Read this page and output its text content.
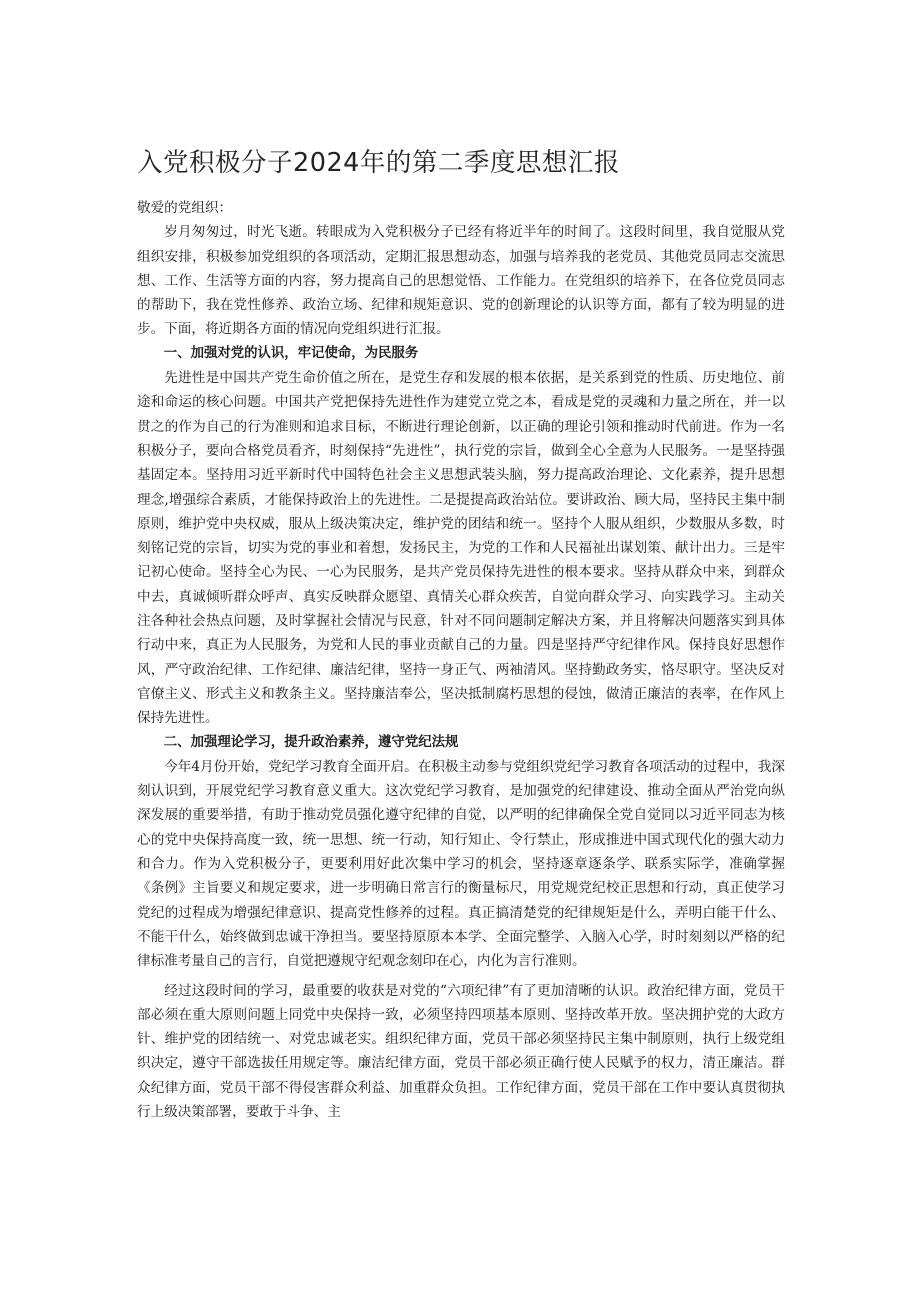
入党积极分子2024年的第二季度思想汇报

敬爱的党组织：

岁月匆匆过，时光飞逝。转眼成为入党积极分子已经有将近半年的时间了。这段时间里，我自觉服从党组织安排，积极参加党组织的各项活动，定期汇报思想动态，加强与培养我的老党员、其他党员同志交流思想、工作、生活等方面的内容，努力提高自己的思想觉悟、工作能力。在党组织的培养下，在各位党员同志的帮助下，我在党性修养、政治立场、纪律和规矩意识、党的创新理论的认识等方面，都有了较为明显的进步。下面，将近期各方面的情况向党组织进行汇报。

一、加强对党的认识，牢记使命，为民服务

先进性是中国共产党生命价值之所在，是党生存和发展的根本依据，是关系到党的性质、历史地位、前途和命运的核心问题。中国共产党把保持先进性作为建党立党之本，看成是党的灵魂和力量之所在，并一以贯之的作为自己的行为准则和追求目标，不断进行理论创新，以正确的理论引领和推动时代前进。作为一名积极分子，要向合格党员看齐，时刻保持“先进性”，执行党的宗旨，做到全心全意为人民服务。一是坚持强基固定本。坚持用习近平新时代中国特色社会主义思想武装头脑，努力提高政治理论、文化素养，提升思想理念,增强综合素质，才能保持政治上的先进性。二是提提高政治站位。要讲政治、顾大局，坚持民主集中制原则，维护党中央权威，服从上级决策决定，维护党的团结和统一。坚持个人服从组织，少数服从多数，时刻铭记党的宗旨，切实为党的事业和着想，发扬民主，为党的工作和人民福祉出谋划策、献计出力。三是牢记初心使命。坚持全心为民、一心为民服务，是共产党员保持先进性的根本要求。坚持从群众中来，到群众中去，真诚倾听群众呼声、真实反映群众愿望、真情关心群众疾苦，自觉向群众学习、向实践学习。主动关注各种社会热点问题，及时掌握社会情况与民意，针对不同问题制定解决方案，并且将解决问题落实到具体行动中来，真正为人民服务，为党和人民的事业贡献自己的力量。四是坚持严守纪律作风。保持良好思想作风，严守政治纪律、工作纪律、廉洁纪律，坚持一身正气、两袖清风。坚持勤政务实，恪尽职守。坚决反对官僚主义、形式主义和教条主义。坚持廉洁奉公，坚决抵制腐朽思想的侵蚀，做清正廉洁的表率，在作风上保持先进性。

二、加强理论学习，提升政治素养，遵守党纪法规

今年4月份开始，党纪学习教育全面开启。在积极主动参与党组织党纪学习教育各项活动的过程中，我深刻认识到，开展党纪学习教育意义重大。这次党纪学习教育，是加强党的纪律建设、推动全面从严治党向纵深发展的重要举措，有助于推动党员强化遵守纪律的自觉，以严明的纪律确保全党自觉同以习近平同志为核心的党中央保持高度一致，统一思想、统一行动，知行知止、令行禁止，形成推进中国式现代化的强大动力和合力。作为入党积极分子，更要利用好此次集中学习的机会，坚持逐章逐条学、联系实际学，准确掌握《条例》主旨要义和规定要求，进一步明确日常言行的衡量标尺，用党规党纪校正思想和行动，真正使学习党纪的过程成为增强纪律意识、提高党性修养的过程。真正搞清楚党的纪律规矩是什么，弄明白能干什么、不能干什么，始终做到忠诚干净担当。要坚持原原本本学、全面完整学、入脑入心学，时时刻刻以严格的纪律标准考量自己的言行，自觉把遵规守纪观念刻印在心，内化为言行准则。

经过这段时间的学习，最重要的收获是对党的“六项纪律”有了更加清晰的认识。政治纪律方面，党员干部必须在重大原则问题上同党中央保持一致，必须坚持四项基本原则、坚持改革开放。坚决拥护党的大政方针、维护党的团结统一、对党忠诚老实。组织纪律方面，党员干部必须坚持民主集中制原则，执行上级党组织决定，遵守干部选拔任用规定等。廉洁纪律方面，党员干部必须正确行使人民赋予的权力，清正廉洁。群众纪律方面，党员干部不得侵害群众利益、加重群众负担。工作纪律方面，党员干部在工作中要认真贯彻执行上级决策部署，要敢于斗争、主
